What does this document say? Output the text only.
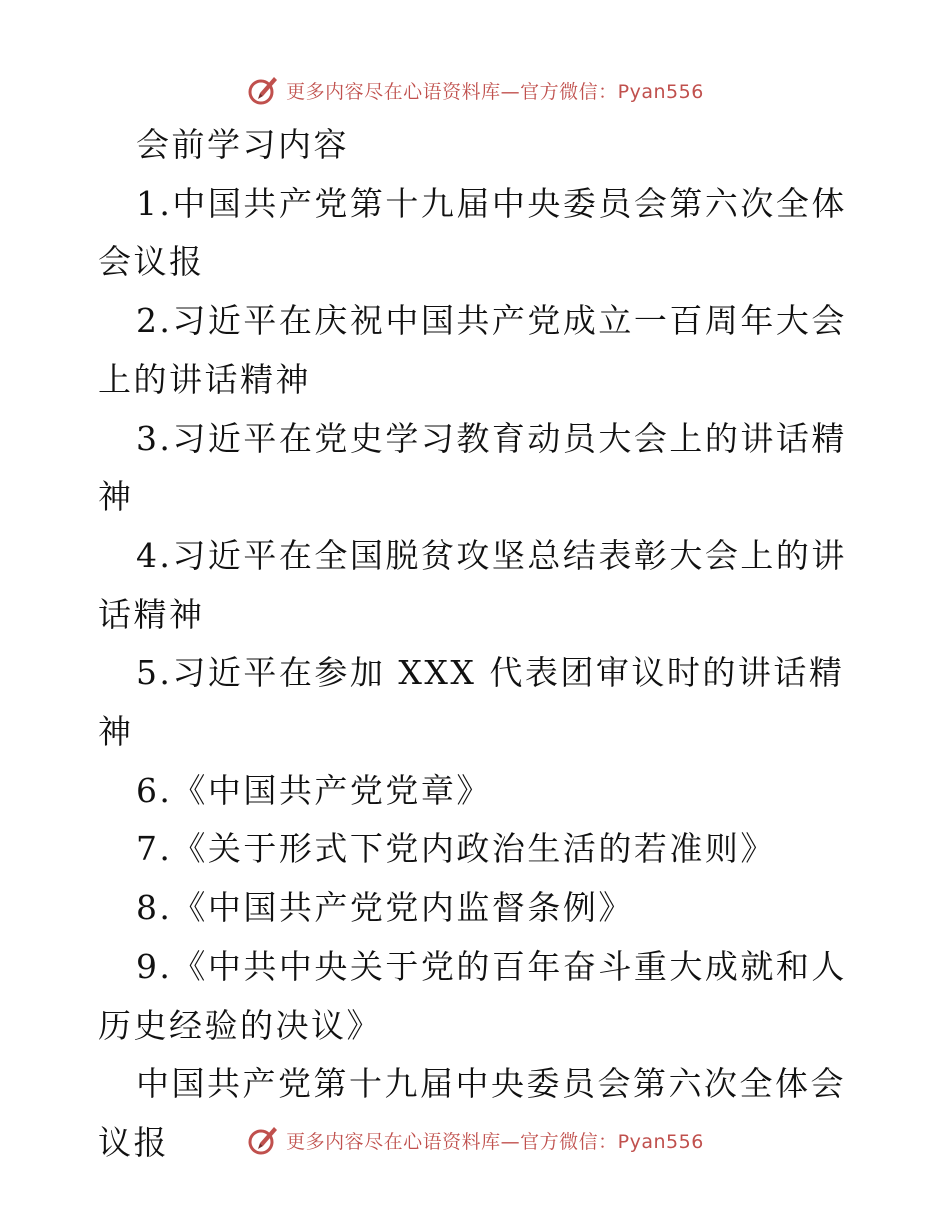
更多内容尽在心语资料库—官方微信：Pyan556

会前学习内容

1.中国共产党第十九届中央委员会第六次全体会议报

2.习近平在庆祝中国共产党成立一百周年大会上的讲话精神

3.习近平在党史学习教育动员大会上的讲话精神

4.习近平在全国脱贫攻坚总结表彰大会上的讲话精神

5.习近平在参加 XXX 代表团审议时的讲话精神

6.《中国共产党党章》

7.《关于形式下党内政治生活的若准则》

8.《中国共产党党内监督条例》

9.《中共中央关于党的百年奋斗重大成就和人历史经验的决议》

中国共产党第十九届中央委员会第六次全体会议报	更多内容尽在心语资料库—官方微信：Pyan556
